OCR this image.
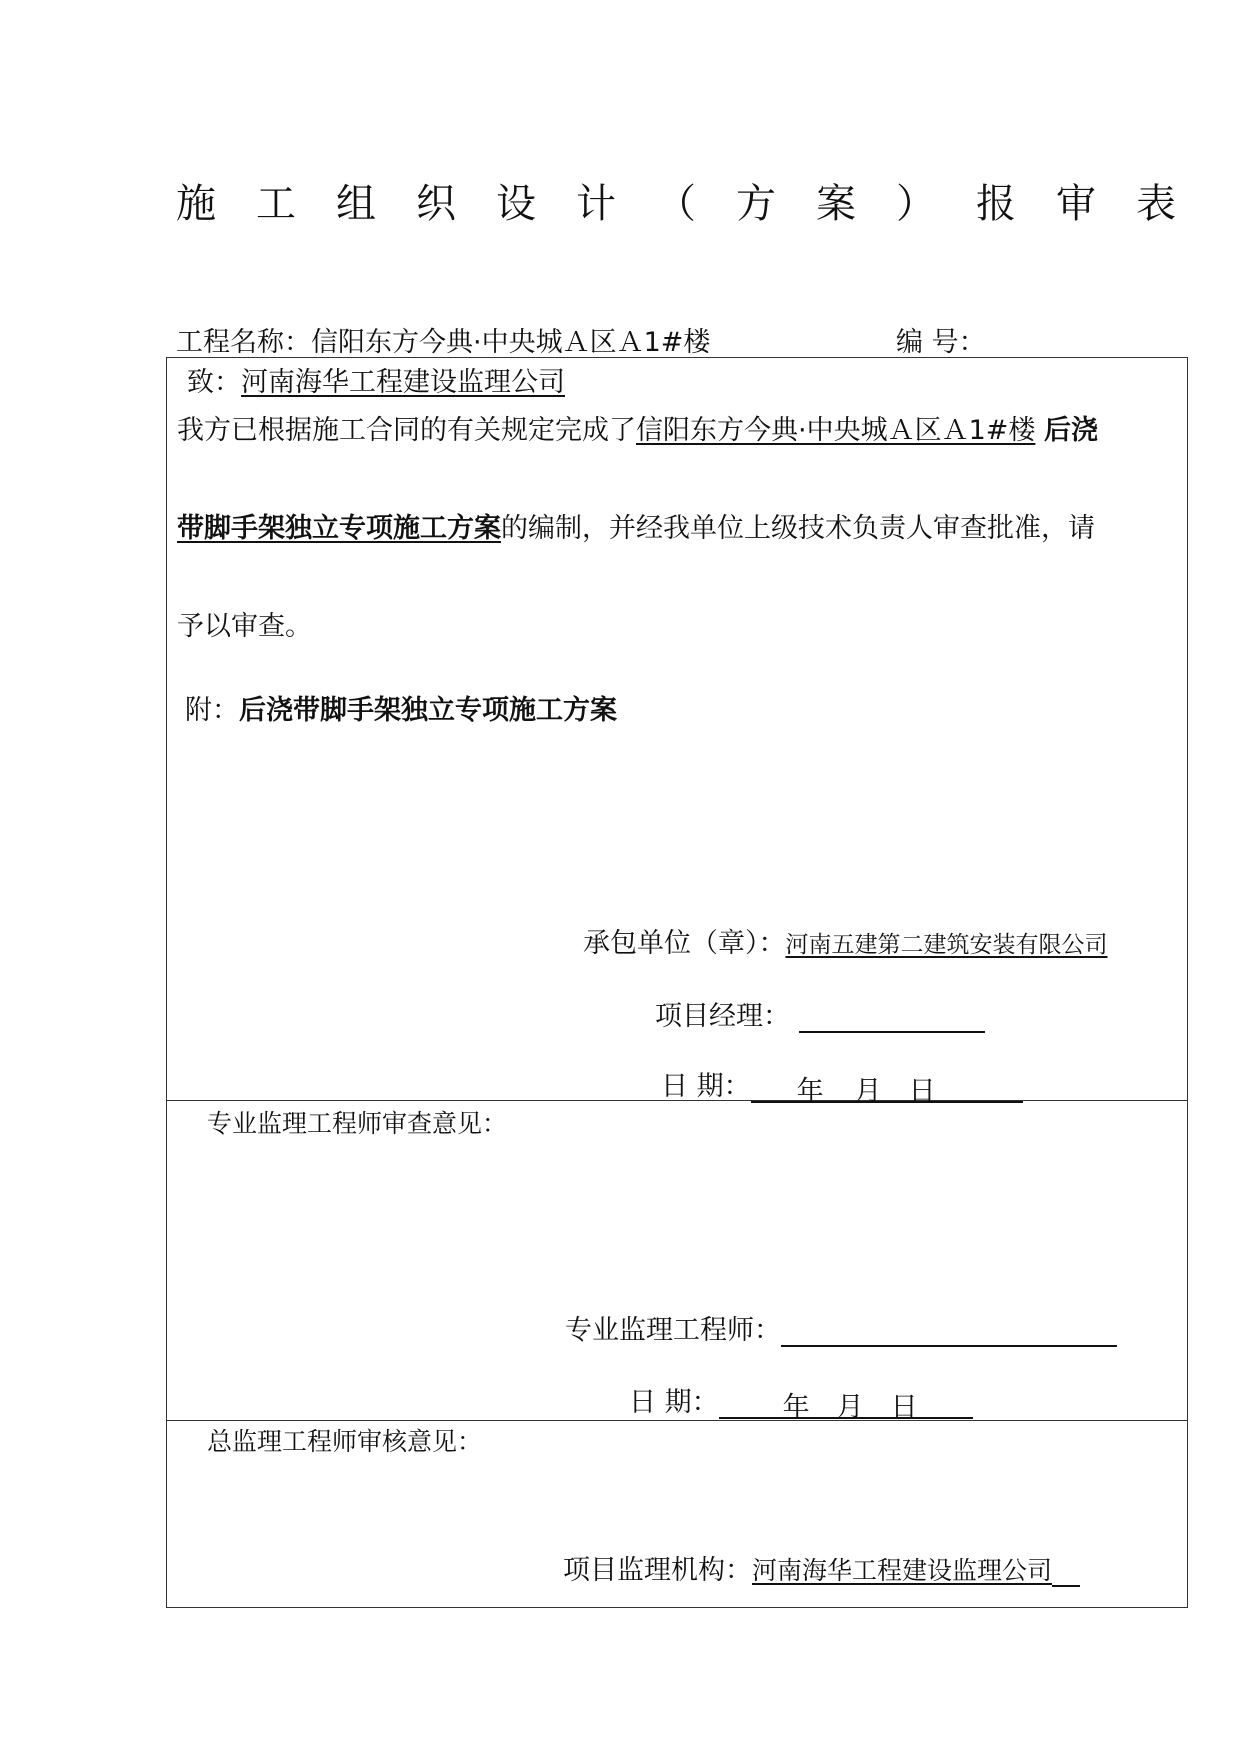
施工组织设计（方案）报审表
工程名称：信阳东方今典·中央城Ａ区Ａ1#楼	编 号：
致：河南海华工程建设监理公司
我方已根据施工合同的有关规定完成了信阳东方今典·中央城Ａ区Ａ1#楼 后浇
带脚手架独立专项施工方案的编制，并经我单位上级技术负责人审查批准，请
予以审查。
附：后浇带脚手架独立专项施工方案
承包单位（章）：河南五建第二建筑安装有限公司
项目经理：
日 期： 年 月 日
专业监理工程师审查意见：
专业监理工程师：
日 期： 年 月 日
总监理工程师审核意见：
项目监理机构：河南海华工程建设监理公司
